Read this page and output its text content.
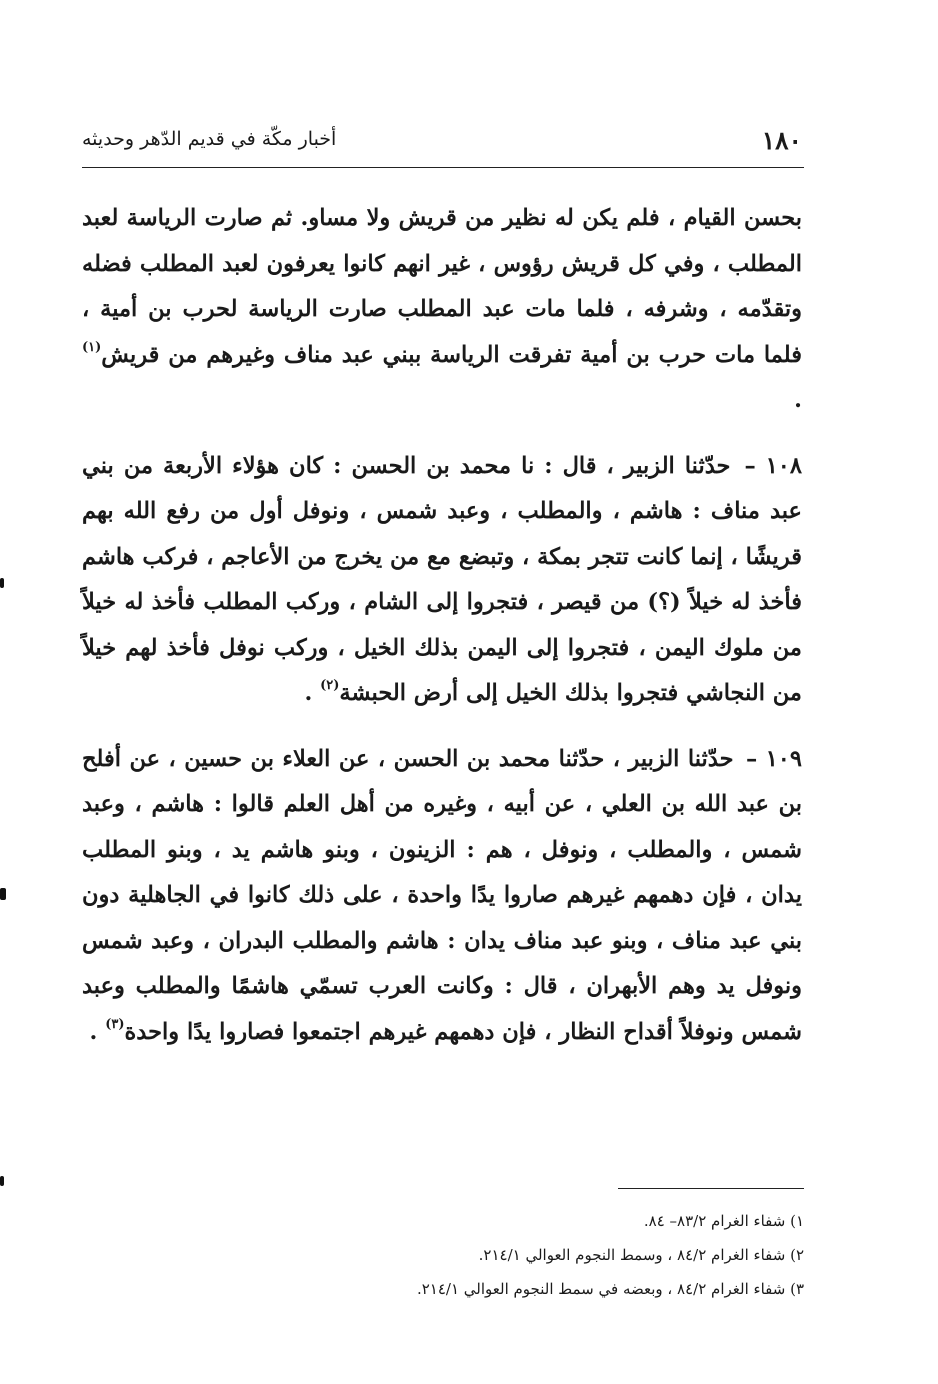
١٨٠
أخبار مكّة في قديم الدّهر وحديثه

بحسن القيام ، فلم يكن له نظير من قريش ولا مساو. ثم صارت الرياسة لعبد المطلب ، وفي كل قريش رؤوس ، غير انهم كانوا يعرفون لعبد المطلب فضله وتقدّمه ، وشرفه ، فلما مات عبد المطلب صارت الرياسة لحرب بن أمية ، فلما مات حرب بن أمية تفرقت الرياسة ببني عبد مناف وغيرهم من قريش$^{(١)}$ .

١٠٨ – حدّثنا الزبير ، قال : نا محمد بن الحسن : كان هؤلاء الأربعة من بني عبد مناف : هاشم ، والمطلب ، وعبد شمس ، ونوفل أول من رفع الله بهم قريشًا ، إنما كانت تتجر بمكة ، وتبضع مع من يخرج من الأعاجم ، فركب هاشم فأخذ له خيلاً (؟) من قيصر ، فتجروا إلى الشام ، وركب المطلب فأخذ له خيلاً من ملوك اليمن ، فتجروا إلى اليمن بذلك الخيل ، وركب نوفل فأخذ لهم خيلاً من النجاشي فتجروا بذلك الخيل إلى أرض الحبشة$^{(٢)}$ .

١٠٩ – حدّثنا الزبير ، حدّثنا محمد بن الحسن ، عن العلاء بن حسين ، عن أفلح بن عبد الله بن العلي ، عن أبيه ، وغيره من أهل العلم قالوا : هاشم ، وعبد شمس ، والمطلب ، ونوفل ، هم : الزينون ، وبنو هاشم يد ، وبنو المطلب يدان ، فإن دهمهم غيرهم صاروا يدًا واحدة ، على ذلك كانوا في الجاهلية دون بني عبد مناف ، وبنو عبد مناف يدان : هاشم والمطلب البدران ، وعبد شمس ونوفل يد وهم الأبهران ، قال : وكانت العرب تسمّي هاشمًا والمطلب وعبد شمس ونوفلاً أقداح النظار ، فإن دهمهم غيرهم اجتمعوا فصاروا يدًا واحدة$^{(٣)}$ .

١) شفاء الغرام ٨٣/٢– ٨٤.

٢) شفاء الغرام ٨٤/٢ ، وسمط النجوم العوالي ٢١٤/١.

٣) شفاء الغرام ٨٤/٢ ، وبعضه في سمط النجوم العوالي ٢١٤/١.
